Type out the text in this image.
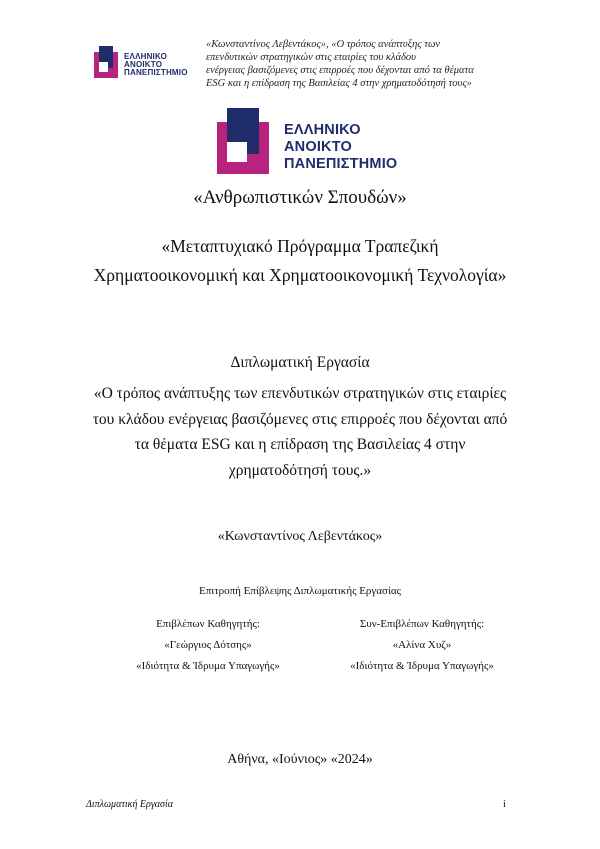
ΕΛΛΗΝΙΚΟ
ΑΝΟΙΚΤΟ
ΠΑΝΕΠΙΣΤΗΜΙΟ
«Κωνσταντίνος Λεβεντάκος», «Ο τρόπος ανάπτυξης των
επενδυτικών στρατηγικών στις εταιρίες του κλάδου
ενέργειας βασιζόμενες στις επιρροές που δέχονται από τα θέματα
ESG και η επίδραση της Βασιλείας 4 στην χρηματοδότησή τους»
ΕΛΛΗΝΙΚΟ
ΑΝΟΙΚΤΟ
ΠΑΝΕΠΙΣΤΗΜΙΟ
«Ανθρωπιστικών Σπουδών»
«Μεταπτυχιακό Πρόγραμμα Τραπεζική
Χρηματοοικονομική και Χρηματοοικονομική Τεχνολογία»
Διπλωματική Εργασία
«Ο τρόπος ανάπτυξης των επενδυτικών στρατηγικών στις εταιρίες
του κλάδου ενέργειας βασιζόμενες στις επιρροές που δέχονται από
τα θέματα ESG και η επίδραση της Βασιλείας 4 στην
χρηματοδότησή τους.»
«Κωνσταντίνος Λεβεντάκος»
Επιτροπή Επίβλεψης Διπλωματικής Εργασίας
Επιβλέπων Καθηγητής:
«Γεώργιος Δότσης»
«Ιδιότητα & Ίδρυμα Υπαγωγής»
Συν-Επιβλέπων Καθηγητής:
«Αλίνα Χυζ»
«Ιδιότητα & Ίδρυμα Υπαγωγής»
Αθήνα, «Ιούνιος» «2024»
Διπλωματική Εργασία	i
